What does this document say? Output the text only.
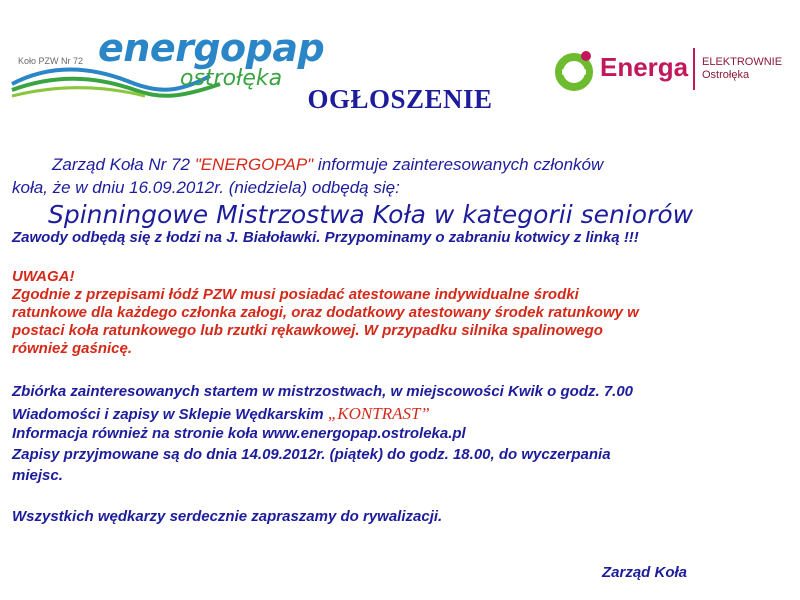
Koło PZW Nr 72 energopap
ostrołęka	Energa ELEKTROWNIE
Ostrołęka
OGŁOSZENIE
Zarząd Koła Nr 72 "ENERGOPAP" informuje zainteresowanych członków
koła, że w dniu 16.09.2012r. (niedziela) odbędą się:
Spinningowe Mistrzostwa Koła w kategorii seniorów
Zawody odbędą się z łodzi na J. Białoławki. Przypominamy o zabraniu kotwicy z linką !!!
UWAGA!
Zgodnie z przepisami łódź PZW musi posiadać atestowane indywidualne środki
ratunkowe dla każdego członka załogi, oraz dodatkowy atestowany środek ratunkowy w
postaci koła ratunkowego lub rzutki rękawkowej. W przypadku silnika spalinowego
również gaśnicę.
Zbiórka zainteresowanych startem w mistrzostwach, w miejscowości Kwik o godz. 7.00
Wiadomości i zapisy w Sklepie Wędkarskim „KONTRAST”
Informacja również na stronie koła www.energopap.ostroleka.pl
Zapisy przyjmowane są do dnia 14.09.2012r. (piątek) do godz. 18.00, do wyczerpania
miejsc.
Wszystkich wędkarzy serdecznie zapraszamy do rywalizacji.
Zarząd Koła
